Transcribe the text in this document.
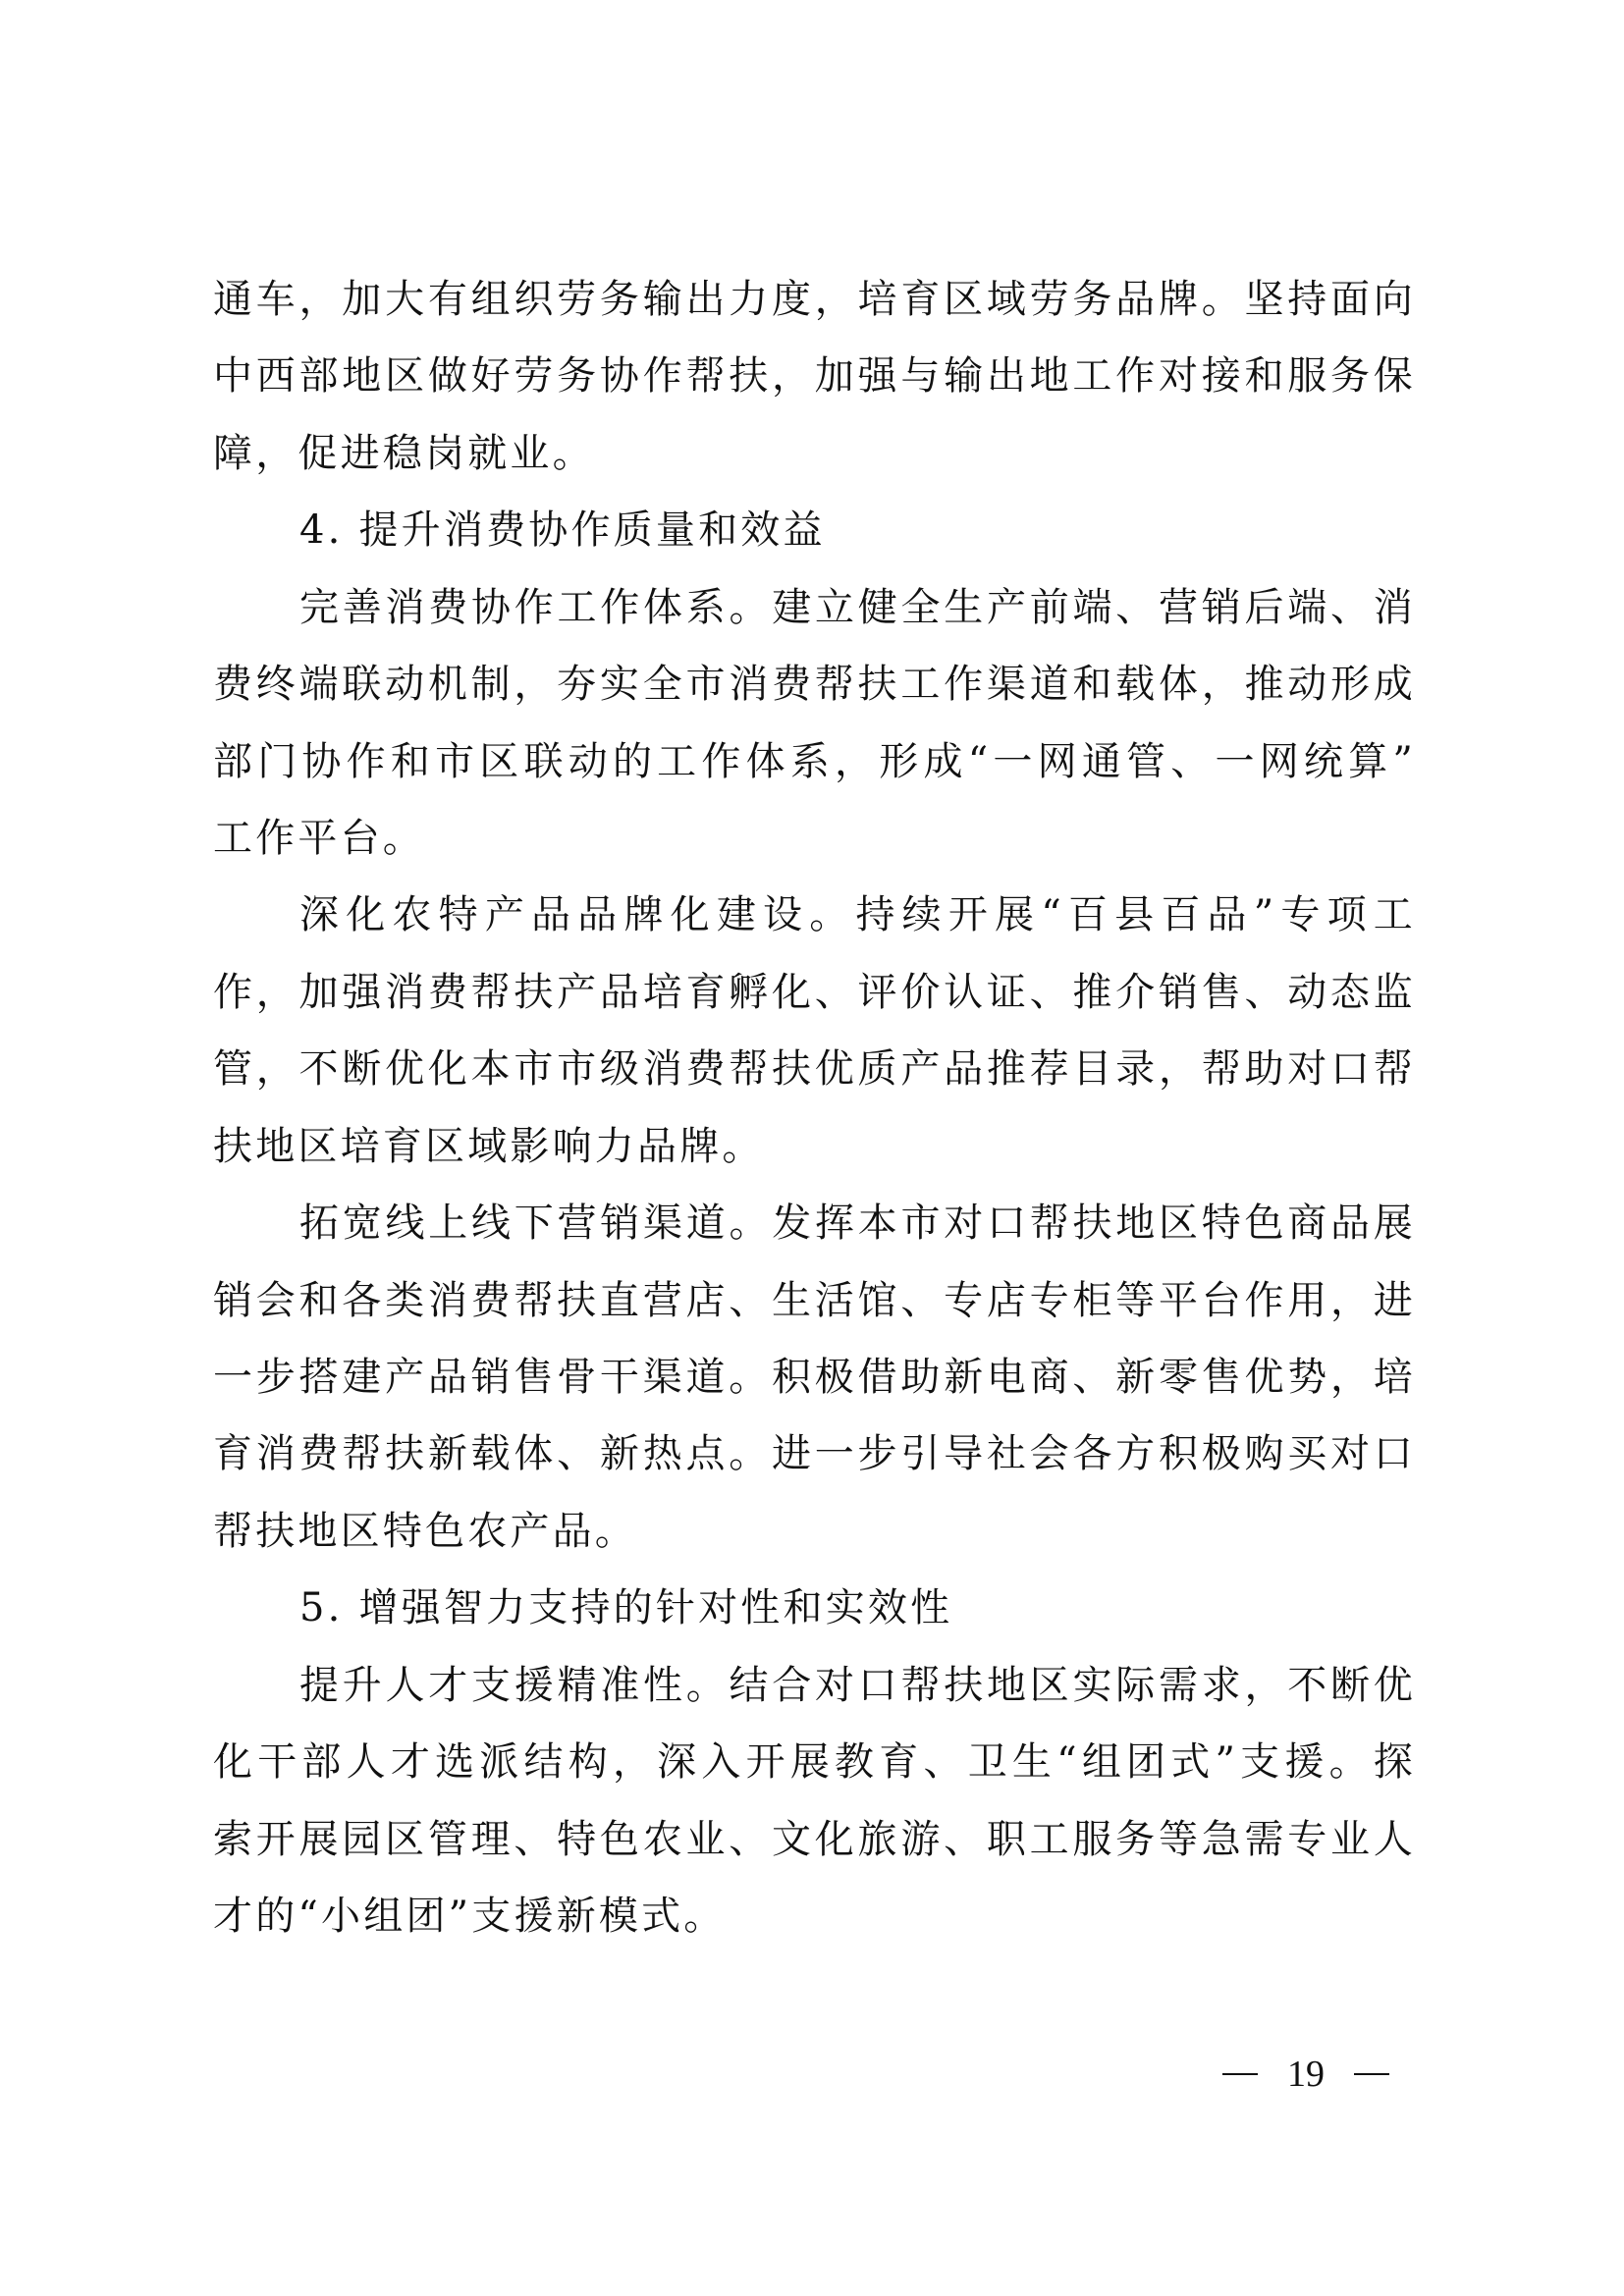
通车，加大有组织劳务输出力度，培育区域劳务品牌。坚持面向
中西部地区做好劳务协作帮扶，加强与输出地工作对接和服务保
障，促进稳岗就业。
4. 提升消费协作质量和效益
完善消费协作工作体系。建立健全生产前端、营销后端、消
费终端联动机制，夯实全市消费帮扶工作渠道和载体，推动形成
部门协作和市区联动的工作体系，形成“一网通管、一网统算”
工作平台。
深化农特产品品牌化建设。持续开展“百县百品”专项工
作，加强消费帮扶产品培育孵化、评价认证、推介销售、动态监
管，不断优化本市市级消费帮扶优质产品推荐目录，帮助对口帮
扶地区培育区域影响力品牌。
拓宽线上线下营销渠道。发挥本市对口帮扶地区特色商品展
销会和各类消费帮扶直营店、生活馆、专店专柜等平台作用，进
一步搭建产品销售骨干渠道。积极借助新电商、新零售优势，培
育消费帮扶新载体、新热点。进一步引导社会各方积极购买对口
帮扶地区特色农产品。
5. 增强智力支持的针对性和实效性
提升人才支援精准性。结合对口帮扶地区实际需求，不断优
化干部人才选派结构，深入开展教育、卫生“组团式”支援。探
索开展园区管理、特色农业、文化旅游、职工服务等急需专业人
才的“小组团”支援新模式。
19
